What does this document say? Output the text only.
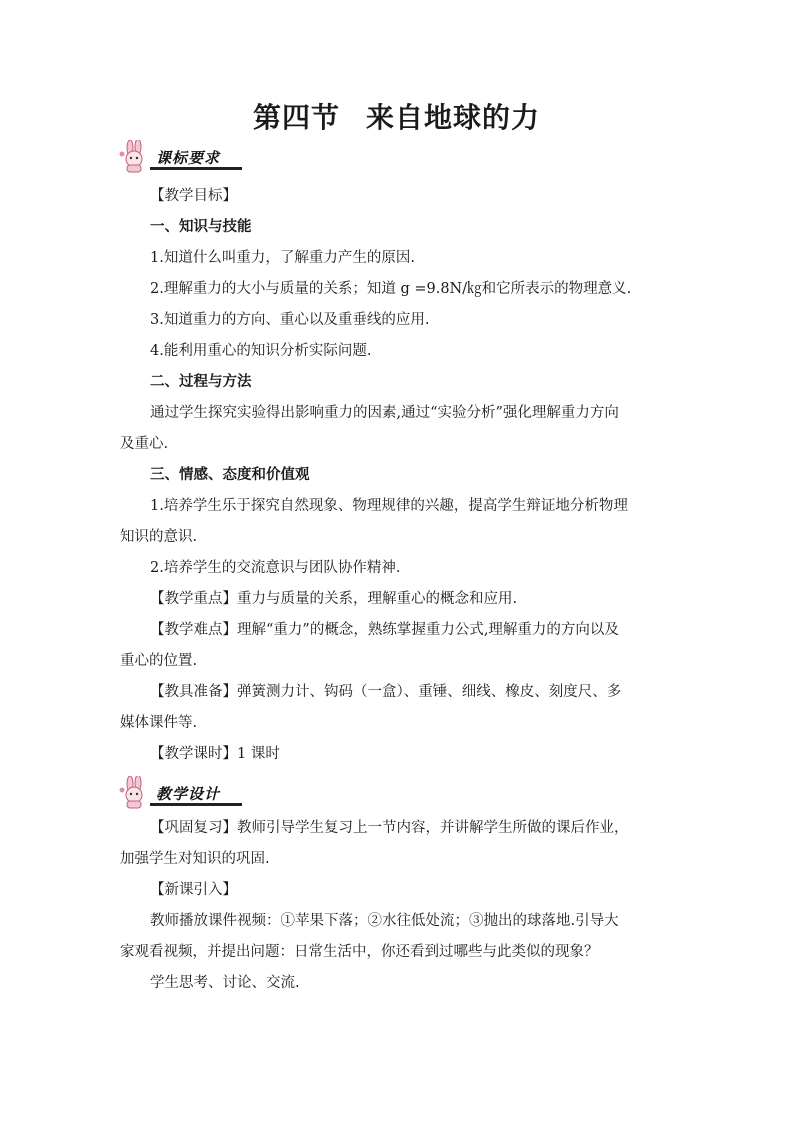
第四节 来自地球的力
课标要求
【教学目标】
一、知识与技能
1.知道什么叫重力，了解重力产生的原因.
2.理解重力的大小与质量的关系；知道 g =9.8N/㎏和它所表示的物理意义.
3.知道重力的方向、重心以及重垂线的应用.
4.能利用重心的知识分析实际问题.
二、过程与方法
通过学生探究实验得出影响重力的因素,通过“实验分析”强化理解重力方向
及重心.
三、情感、态度和价值观
1.培养学生乐于探究自然现象、物理规律的兴趣，提高学生辩证地分析物理
知识的意识.
2.培养学生的交流意识与团队协作精神.
【教学重点】重力与质量的关系，理解重心的概念和应用.
【教学难点】理解“重力”的概念，熟练掌握重力公式,理解重力的方向以及
重心的位置.
【教具准备】弹簧测力计、钩码（一盒）、重锤、细线、橡皮、刻度尺、多
媒体课件等.
【教学课时】1 课时
教学设计
【巩固复习】教师引导学生复习上一节内容，并讲解学生所做的课后作业，
加强学生对知识的巩固.
【新课引入】
教师播放课件视频：①苹果下落；②水往低处流；③抛出的球落地.引导大
家观看视频，并提出问题：日常生活中，你还看到过哪些与此类似的现象？
学生思考、讨论、交流.
